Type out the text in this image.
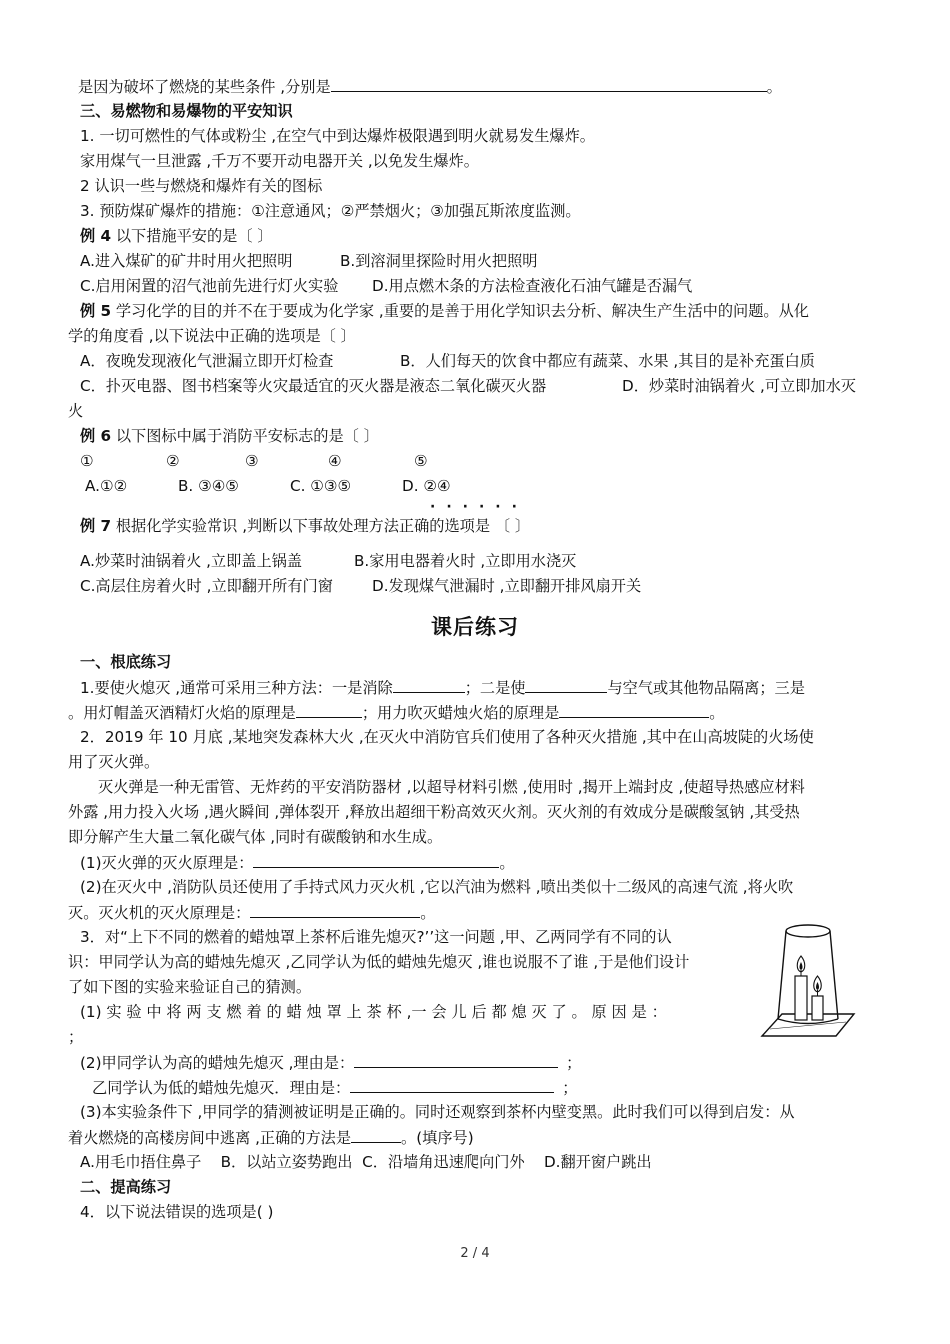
是因为破坏了燃烧的某些条件 ,分别是	。
三、易燃物和易爆物的平安知识
1. 一切可燃性的气体或粉尘 ,在空气中到达爆炸极限遇到明火就易发生爆炸。
家用煤气一旦泄露 ,千万不要开动电器开关 ,以免发生爆炸。
2 认识一些与燃烧和爆炸有关的图标
3. 预防煤矿爆炸的措施：①注意通风；②严禁烟火；③加强瓦斯浓度监测。
例 4 以下措施平安的是〔 〕
A.进入煤矿的矿井时用火把照明	B.到溶洞里探险时用火把照明
C.启用闲置的沼气池前先进行灯火实验 D.用点燃木条的方法检查液化石油气罐是否漏气
例 5 学习化学的目的并不在于要成为化学家 ,重要的是善于用化学知识去分析、解决生产生活中的问题。从化
学的角度看 ,以下说法中正确的选项是〔 〕
A．夜晚发现液化气泄漏立即开灯检查	B．人们每天的饮食中都应有蔬菜、水果 ,其目的是补充蛋白质
C．扑灭电器、图书档案等火灾最适宜的灭火器是液态二氧化碳灭火器	D．炒菜时油锅着火 ,可立即加水灭
火
例 6 以下图标中属于消防平安标志的是〔 〕
①	②	③	④	⑤
A.①②	B. ③④⑤	C. ①③⑤	D. ②④
······
例 7 根据化学实验常识 ,判断以下事故处理方法正确的选项是 〔 〕
A.炒菜时油锅着火 ,立即盖上锅盖	B.家用电器着火时 ,立即用水浇灭
C.高层住房着火时 ,立即翻开所有门窗	D.发现煤气泄漏时 ,立即翻开排风扇开关
课后练习
一、根底练习
1.要使火熄灭 ,通常可采用三种方法：一是消除	；二是使	与空气或其他物品隔离；三是
。用灯帽盖灭酒精灯火焰的原理是	；用力吹灭蜡烛火焰的原理是	。
2．2019 年 10 月底 ,某地突发森林大火 ,在灭火中消防官兵们使用了各种灭火措施 ,其中在山高坡陡的火场使
用了灭火弹。
灭火弹是一种无雷管、无炸药的平安消防器材 ,以超导材料引燃 ,使用时 ,揭开上端封皮 ,使超导热感应材料
外露 ,用力投入火场 ,遇火瞬间 ,弹体裂开 ,释放出超细干粉高效灭火剂。灭火剂的有效成分是碳酸氢钠 ,其受热
即分解产生大量二氧化碳气体 ,同时有碳酸钠和水生成。
(1)灭火弹的灭火原理是：	。
(2)在灭火中 ,消防队员还使用了手持式风力灭火机 ,它以汽油为燃料 ,喷出类似十二级风的高速气流 ,将火吹
灭。灭火机的灭火原理是：	。
3．对“上下不同的燃着的蜡烛罩上茶杯后谁先熄灭?’’这一问题 ,甲、乙两同学有不同的认
识：甲同学认为高的蜡烛先熄灭 ,乙同学认为低的蜡烛先熄灭 ,谁也说服不了谁 ,于是他们设计
了如下图的实验来验证自己的猜测。
(1) 实 验 中 将 两 支 燃 着 的 蜡 烛 罩 上 茶 杯 ,一 会 儿 后 都 熄 灭 了 。 原 因 是 ：
；
(2)甲同学认为高的蜡烛先熄灭 ,理由是：	；
乙同学认为低的蜡烛先熄灭．理由是：	；
(3)本实验条件下 ,甲同学的猜测被证明是正确的。同时还观察到茶杯内壁变黑。此时我们可以得到启发：从
着火燃烧的高楼房间中逃离 ,正确的方法是	。(填序号)
A.用毛巾捂住鼻子    B．以站立姿势跑出  C．沿墙角迅速爬向门外    D.翻开窗户跳出
二、提高练习
4．以下说法错误的选项是( )
2 / 4
